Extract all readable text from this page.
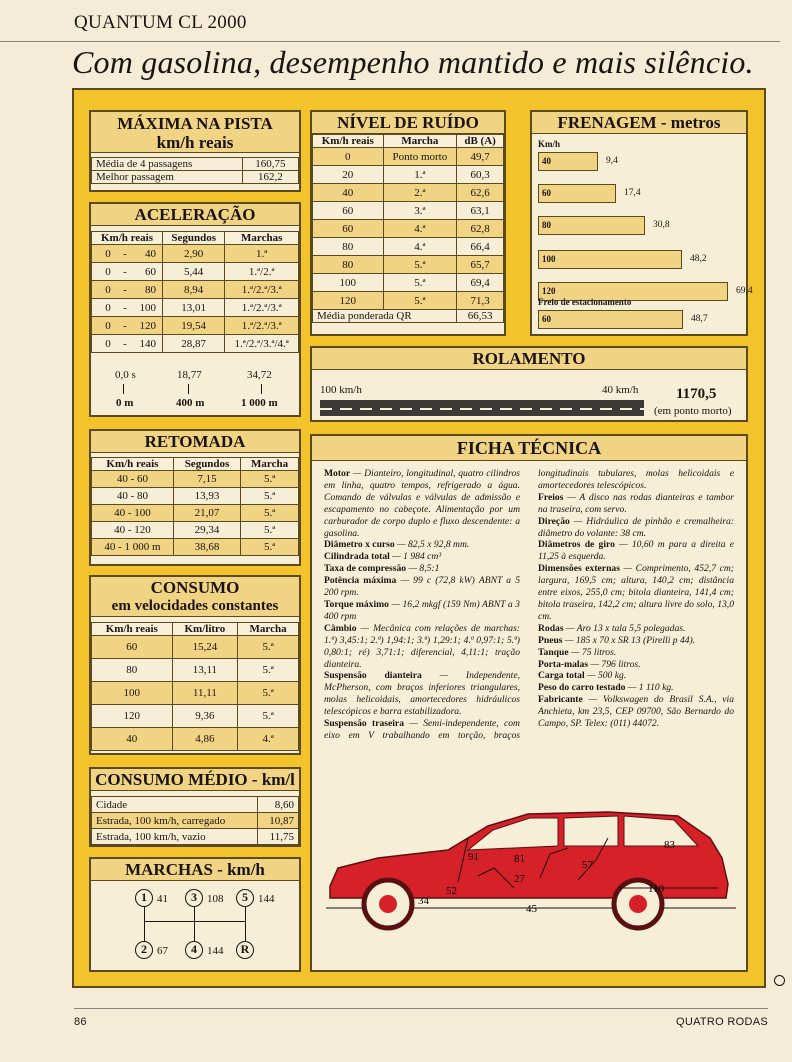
QUANTUM CL 2000
Com gasolina, desempenho mantido e mais silêncio.
MÁXIMA NA PISTA
km/h reais
Média de 4 passagens	160,75
Melhor passagem	162,2
ACELERAÇÃO
Km/h reais	Segundos	Marchas
0 - 40	2,90	1.ª
0 - 60	5,44	1.ª/2.ª
0 - 80	8,94	1.ª/2.ª/3.ª
0 - 100	13,01	1.ª/2.ª/3.ª
0 - 120	19,54	1.ª/2.ª/3.ª
0 - 140	28,87	1.ª/2.ª/3.ª/4.ª
0,0 s	18,77	34,72
0 m	400 m	1 000 m
RETOMADA
Km/h reais	Segundos	Marcha
40 - 60	7,15	5.ª
40 - 80	13,93	5.ª
40 - 100	21,07	5.ª
40 - 120	29,34	5.ª
40 - 1 000 m	38,68	5.ª
CONSUMO
em velocidades constantes
Km/h reais	Km/litro	Marcha
60	15,24	5.ª
80	13,11	5.ª
100	11,11	5.ª
120	9,36	5.ª
40	4,86	4.ª
CONSUMO MÉDIO - km/l
Cidade	8,60
Estrada, 100 km/h, carregado	10,87
Estrada, 100 km/h, vazio	11,75
MARCHAS - km/h
1 41	3 108	5 144
2 67	4 144	R
NÍVEL DE RUÍDO
Km/h reais	Marcha	dB (A)
0	Ponto morto	49,7
20	1.ª	60,3
40	2.ª	62,6
60	3.ª	63,1
60	4.ª	62,8
80	4.ª	66,4
80	5.ª	65,7
100	5.ª	69,4
120	5.ª	71,3
Média ponderada QR		66,53
FRENAGEM - metros
Km/h
40	9,4
60	17,4
80	30,8
100	48,2
120	69,4
60	48,7
Freio de estacionamento
ROLAMENTO
100 km/h	40 km/h	1170,5
(em ponto morto)
FICHA TÉCNICA

Motor — Dianteiro, longitudinal, quatro cilindros em linha, quatro tempos, refrigerado a água. Comando de válvulas e válvulas de admissão e escapamento no cabeçote. Alimentação por um carburador de corpo duplo e fluxo descendente: a gasolina.

Diâmetro x curso — 82,5 x 92,8 mm.

Cilindrada total — 1 984 cm³

Taxa de compressão — 8,5:1

Potência máxima — 99 c (72,8 kW) ABNT a 5 200 rpm.

Torque máximo — 16,2 mkgf (159 Nm) ABNT a 3 400 rpm

Câmbio — Mecânica com relações de marchas: 1.ª) 3,45:1; 2.ª) 1,94:1; 3.ª) 1,29:1; 4.ª 0,97:1; 5.ª) 0,80:1; ré) 3,71:1; diferencial, 4,11:1; tração dianteira.

Suspensão dianteira — Independente, McPherson, com braços inferiores triangulares, molas helicoidais, amortecedores hidráulicos telescópicos e barra estabilizadora.

Suspensão traseira — Semi-independente, com eixo em V trabalhando em torção, braços longitudinais tubulares, molas helicoidais e amortecedores telescópicos.

Freios — A disco nas rodas dianteiras e tambor na traseira, com servo.

Direção — Hidráulica de pinhão e cremalheira: diâmetro do volante: 38 cm.

Diâmetros de giro — 10,60 m para a direita e 11,25 à esquerda.

Dimensões externas — Comprimento, 452,7 cm; largura, 169,5 cm; altura, 140,2 cm; distância entre eixos, 255,0 cm; bitola dianteira, 141,4 cm; bitola traseira, 142,2 cm; altura livre do solo, 13,0 cm.

Rodas — Aro 13 x tala 5,5 polegadas.

Pneus — 185 x 70 x SR 13 (Pirelli p 44).

Tanque — 75 litros.

Porta-malas — 796 litros.

Carga total — 500 kg.

Peso do carro testado — 1 110 kg.

Fabricante — Volkswagen do Brasil S.A., via Anchieta, km 23,5, CEP 09700, São Bernardo do Campo, SP. Telex: (011) 44072.

91	81
52
34
27
45
57
110
83
86	QUATRO RODAS
